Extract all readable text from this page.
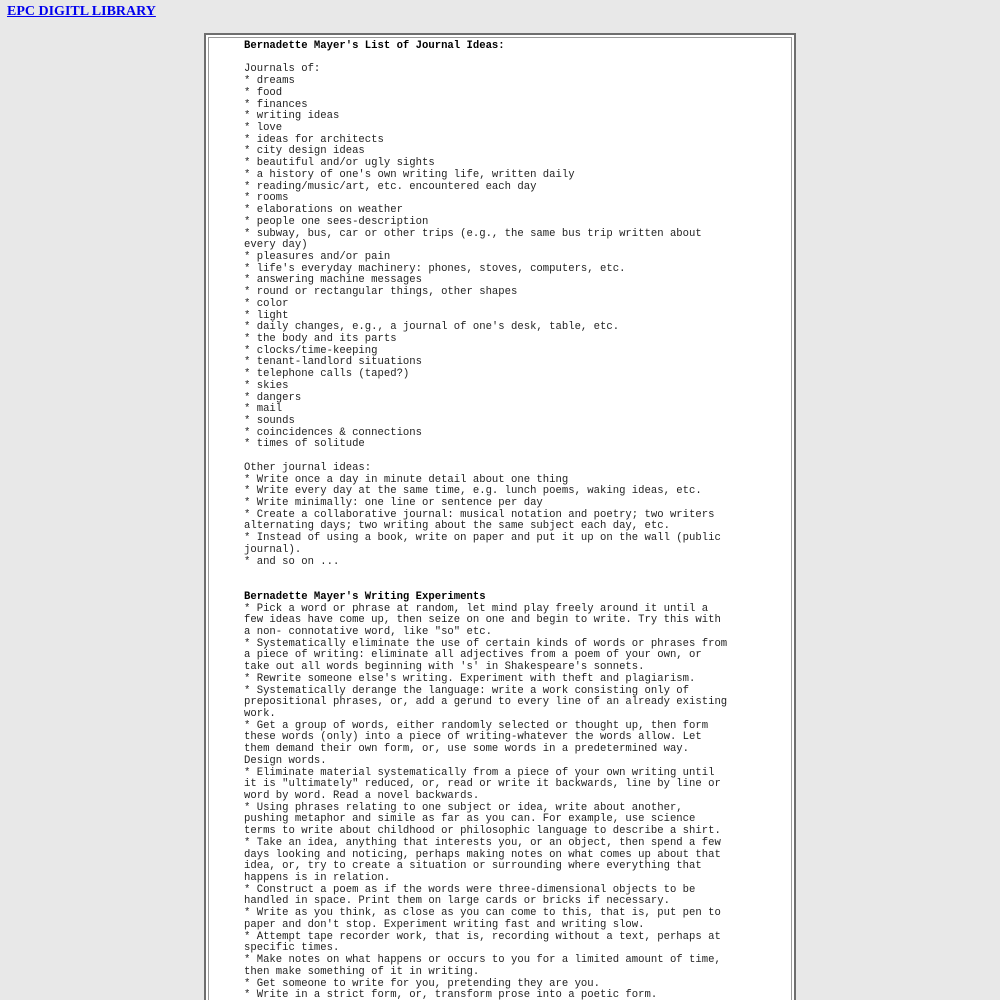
EPC DIGITL LIBRARY
Bernadette Mayer's List of Journal Ideas:
Journals of:
* dreams
* food
* finances
* writing ideas
* love
* ideas for architects
* city design ideas
* beautiful and/or ugly sights
* a history of one's own writing life, written daily
* reading/music/art, etc. encountered each day
* rooms
* elaborations on weather
* people one sees-description
* subway, bus, car or other trips (e.g., the same bus trip written about
every day)
* pleasures and/or pain
* life's everyday machinery: phones, stoves, computers, etc.
* answering machine messages
* round or rectangular things, other shapes
* color
* light
* daily changes, e.g., a journal of one's desk, table, etc.
* the body and its parts
* clocks/time-keeping
* tenant-landlord situations
* telephone calls (taped?)
* skies
* dangers
* mail
* sounds
* coincidences & connections
* times of solitude
Other journal ideas:
* Write once a day in minute detail about one thing
* Write every day at the same time, e.g. lunch poems, waking ideas, etc.
* Write minimally: one line or sentence per day
* Create a collaborative journal: musical notation and poetry; two writers
alternating days; two writing about the same subject each day, etc.
* Instead of using a book, write on paper and put it up on the wall (public
journal).
* and so on ...
Bernadette Mayer's Writing Experiments
* Pick a word or phrase at random, let mind play freely around it until a
few ideas have come up, then seize on one and begin to write. Try this with
a non- connotative word, like "so" etc.
* Systematically eliminate the use of certain kinds of words or phrases from
a piece of writing: eliminate all adjectives from a poem of your own, or
take out all words beginning with 's' in Shakespeare's sonnets.
* Rewrite someone else's writing. Experiment with theft and plagiarism.
* Systematically derange the language: write a work consisting only of
prepositional phrases, or, add a gerund to every line of an already existing
work.
* Get a group of words, either randomly selected or thought up, then form
these words (only) into a piece of writing-whatever the words allow. Let
them demand their own form, or, use some words in a predetermined way.
Design words.
* Eliminate material systematically from a piece of your own writing until
it is "ultimately" reduced, or, read or write it backwards, line by line or
word by word. Read a novel backwards.
* Using phrases relating to one subject or idea, write about another,
pushing metaphor and simile as far as you can. For example, use science
terms to write about childhood or philosophic language to describe a shirt.
* Take an idea, anything that interests you, or an object, then spend a few
days looking and noticing, perhaps making notes on what comes up about that
idea, or, try to create a situation or surrounding where everything that
happens is in relation.
* Construct a poem as if the words were three-dimensional objects to be
handled in space. Print them on large cards or bricks if necessary.
* Write as you think, as close as you can come to this, that is, put pen to
paper and don't stop. Experiment writing fast and writing slow.
* Attempt tape recorder work, that is, recording without a text, perhaps at
specific times.
* Make notes on what happens or occurs to you for a limited amount of time,
then make something of it in writing.
* Get someone to write for you, pretending they are you.
* Write in a strict form, or, transform prose into a poetic form.
